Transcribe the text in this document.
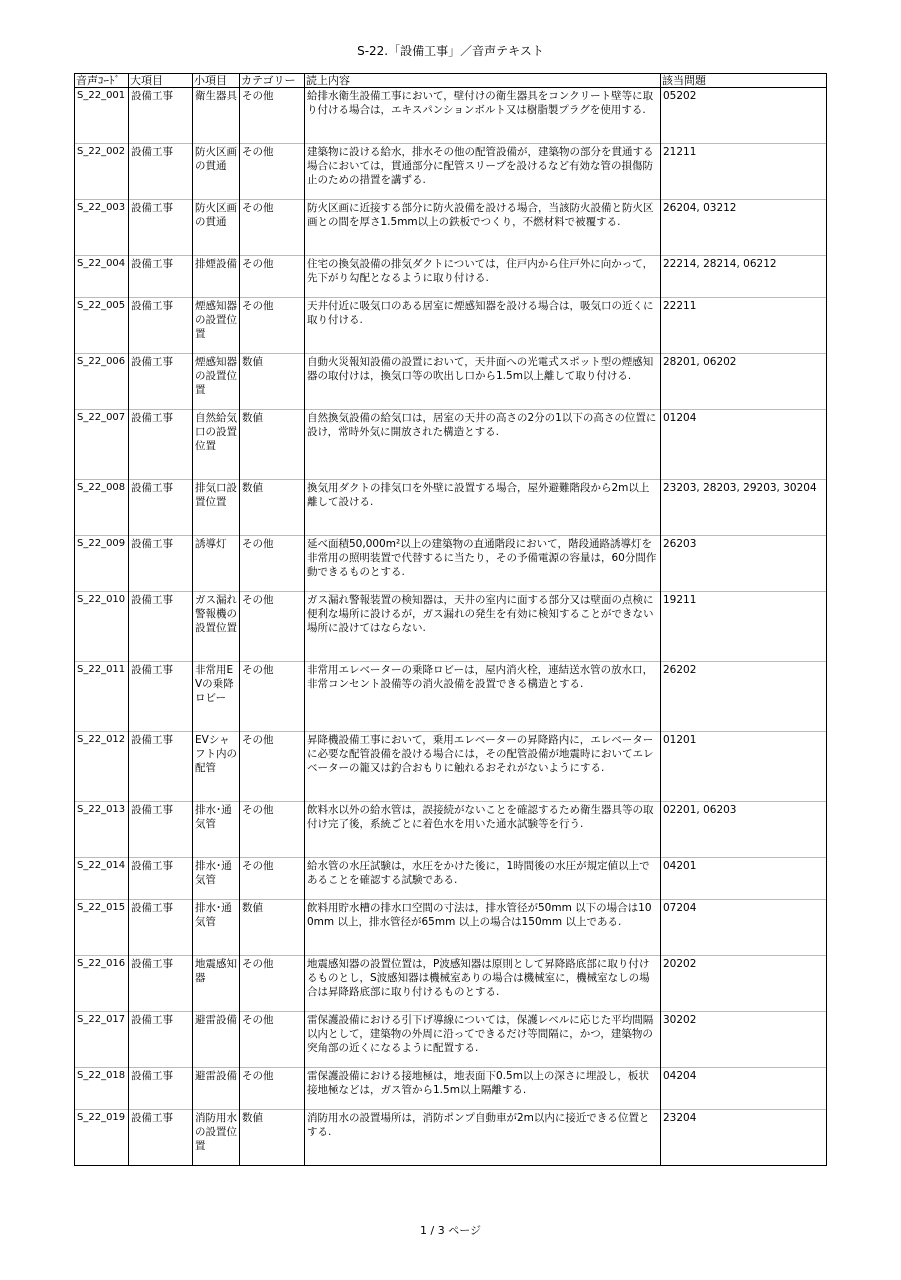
S-22.「設備工事」／音声テキスト
音声ｺｰﾄﾞ	大項目	小項目	カテゴリー	読上内容	該当問題
S_22_001	設備工事	衛生器具	その他	給排水衛生設備工事において，壁付けの衛生器具をコンクリート壁等に取り付ける場合は，エキスパンションボルト又は樹脂製プラグを使用する.	05202
S_22_002	設備工事	防火区画の貫通	その他	建築物に設ける給水，排水その他の配管設備が，建築物の部分を貫通する場合においては，貫通部分に配管スリーブを設けるなど有効な管の損傷防止のための措置を講ずる.	21211
S_22_003	設備工事	防火区画の貫通	その他	防火区画に近接する部分に防火設備を設ける場合，当該防火設備と防火区画との間を厚さ1.5mm以上の鉄板でつくり，不燃材料で被覆する.	26204, 03212
S_22_004	設備工事	排煙設備	その他	住宅の換気設備の排気ダクトについては，住戸内から住戸外に向かって，先下がり勾配となるように取り付ける.	22214, 28214, 06212
S_22_005	設備工事	煙感知器の設置位置	その他	天井付近に吸気口のある居室に煙感知器を設ける場合は，吸気口の近くに取り付ける.	22211
S_22_006	設備工事	煙感知器の設置位置	数値	自動火災報知設備の設置において，天井面への光電式スポット型の煙感知器の取付けは，換気口等の吹出し口から1.5m以上離して取り付ける.	28201, 06202
S_22_007	設備工事	自然給気口の設置位置	数値	自然換気設備の給気口は，居室の天井の高さの2分の1以下の高さの位置に設け，常時外気に開放された構造とする.	01204
S_22_008	設備工事	排気口設置位置	数値	換気用ダクトの排気口を外壁に設置する場合，屋外避難階段から2m以上離して設ける.	23203, 28203, 29203, 30204
S_22_009	設備工事	誘導灯	その他	延べ面積50,000m²以上の建築物の直通階段において，階段通路誘導灯を非常用の照明装置で代替するに当たり，その予備電源の容量は，60分間作動できるものとする.	26203
S_22_010	設備工事	ガス漏れ警報機の設置位置	その他	ガス漏れ警報装置の検知器は，天井の室内に面する部分又は壁面の点検に便利な場所に設けるが，ガス漏れの発生を有効に検知することができない場所に設けてはならない.	19211
S_22_011	設備工事	非常用EVの乗降ロビー	その他	非常用エレベーターの乗降ロビーは，屋内消火栓，連結送水管の放水口，非常コンセント設備等の消火設備を設置できる構造とする.	26202
S_22_012	設備工事	EVシャフト内の配管	その他	昇降機設備工事において，乗用エレベーターの昇降路内に，エレベーターに必要な配管設備を設ける場合には，その配管設備が地震時においてエレベーターの籠又は釣合おもりに触れるおそれがないようにする.	01201
S_22_013	設備工事	排水･通気管	その他	飲料水以外の給水管は，誤接続がないことを確認するため衛生器具等の取付け完了後，系統ごとに着色水を用いた通水試験等を行う.	02201, 06203
S_22_014	設備工事	排水･通気管	その他	給水管の水圧試験は，水圧をかけた後に，1時間後の水圧が規定値以上であることを確認する試験である.	04201
S_22_015	設備工事	排水･通気管	数値	飲料用貯水槽の排水口空間の寸法は，排水管径が50mm 以下の場合は100mm 以上，排水管径が65mm 以上の場合は150mm 以上である.	07204
S_22_016	設備工事	地震感知器	その他	地震感知器の設置位置は，P波感知器は原則として昇降路底部に取り付けるものとし，S波感知器は機械室ありの場合は機械室に，機械室なしの場合は昇降路底部に取り付けるものとする.	20202
S_22_017	設備工事	避雷設備	その他	雷保護設備における引下げ導線については，保護レベルに応じた平均間隔以内として，建築物の外周に沿ってできるだけ等間隔に，かつ，建築物の突角部の近くになるように配置する.	30202
S_22_018	設備工事	避雷設備	その他	雷保護設備における接地極は，地表面下0.5m以上の深さに埋設し，板状接地極などは，ガス管から1.5m以上隔離する.	04204
S_22_019	設備工事	消防用水の設置位置	数値	消防用水の設置場所は，消防ポンプ自動車が2m以内に接近できる位置とする.	23204
1 / 3 ページ
